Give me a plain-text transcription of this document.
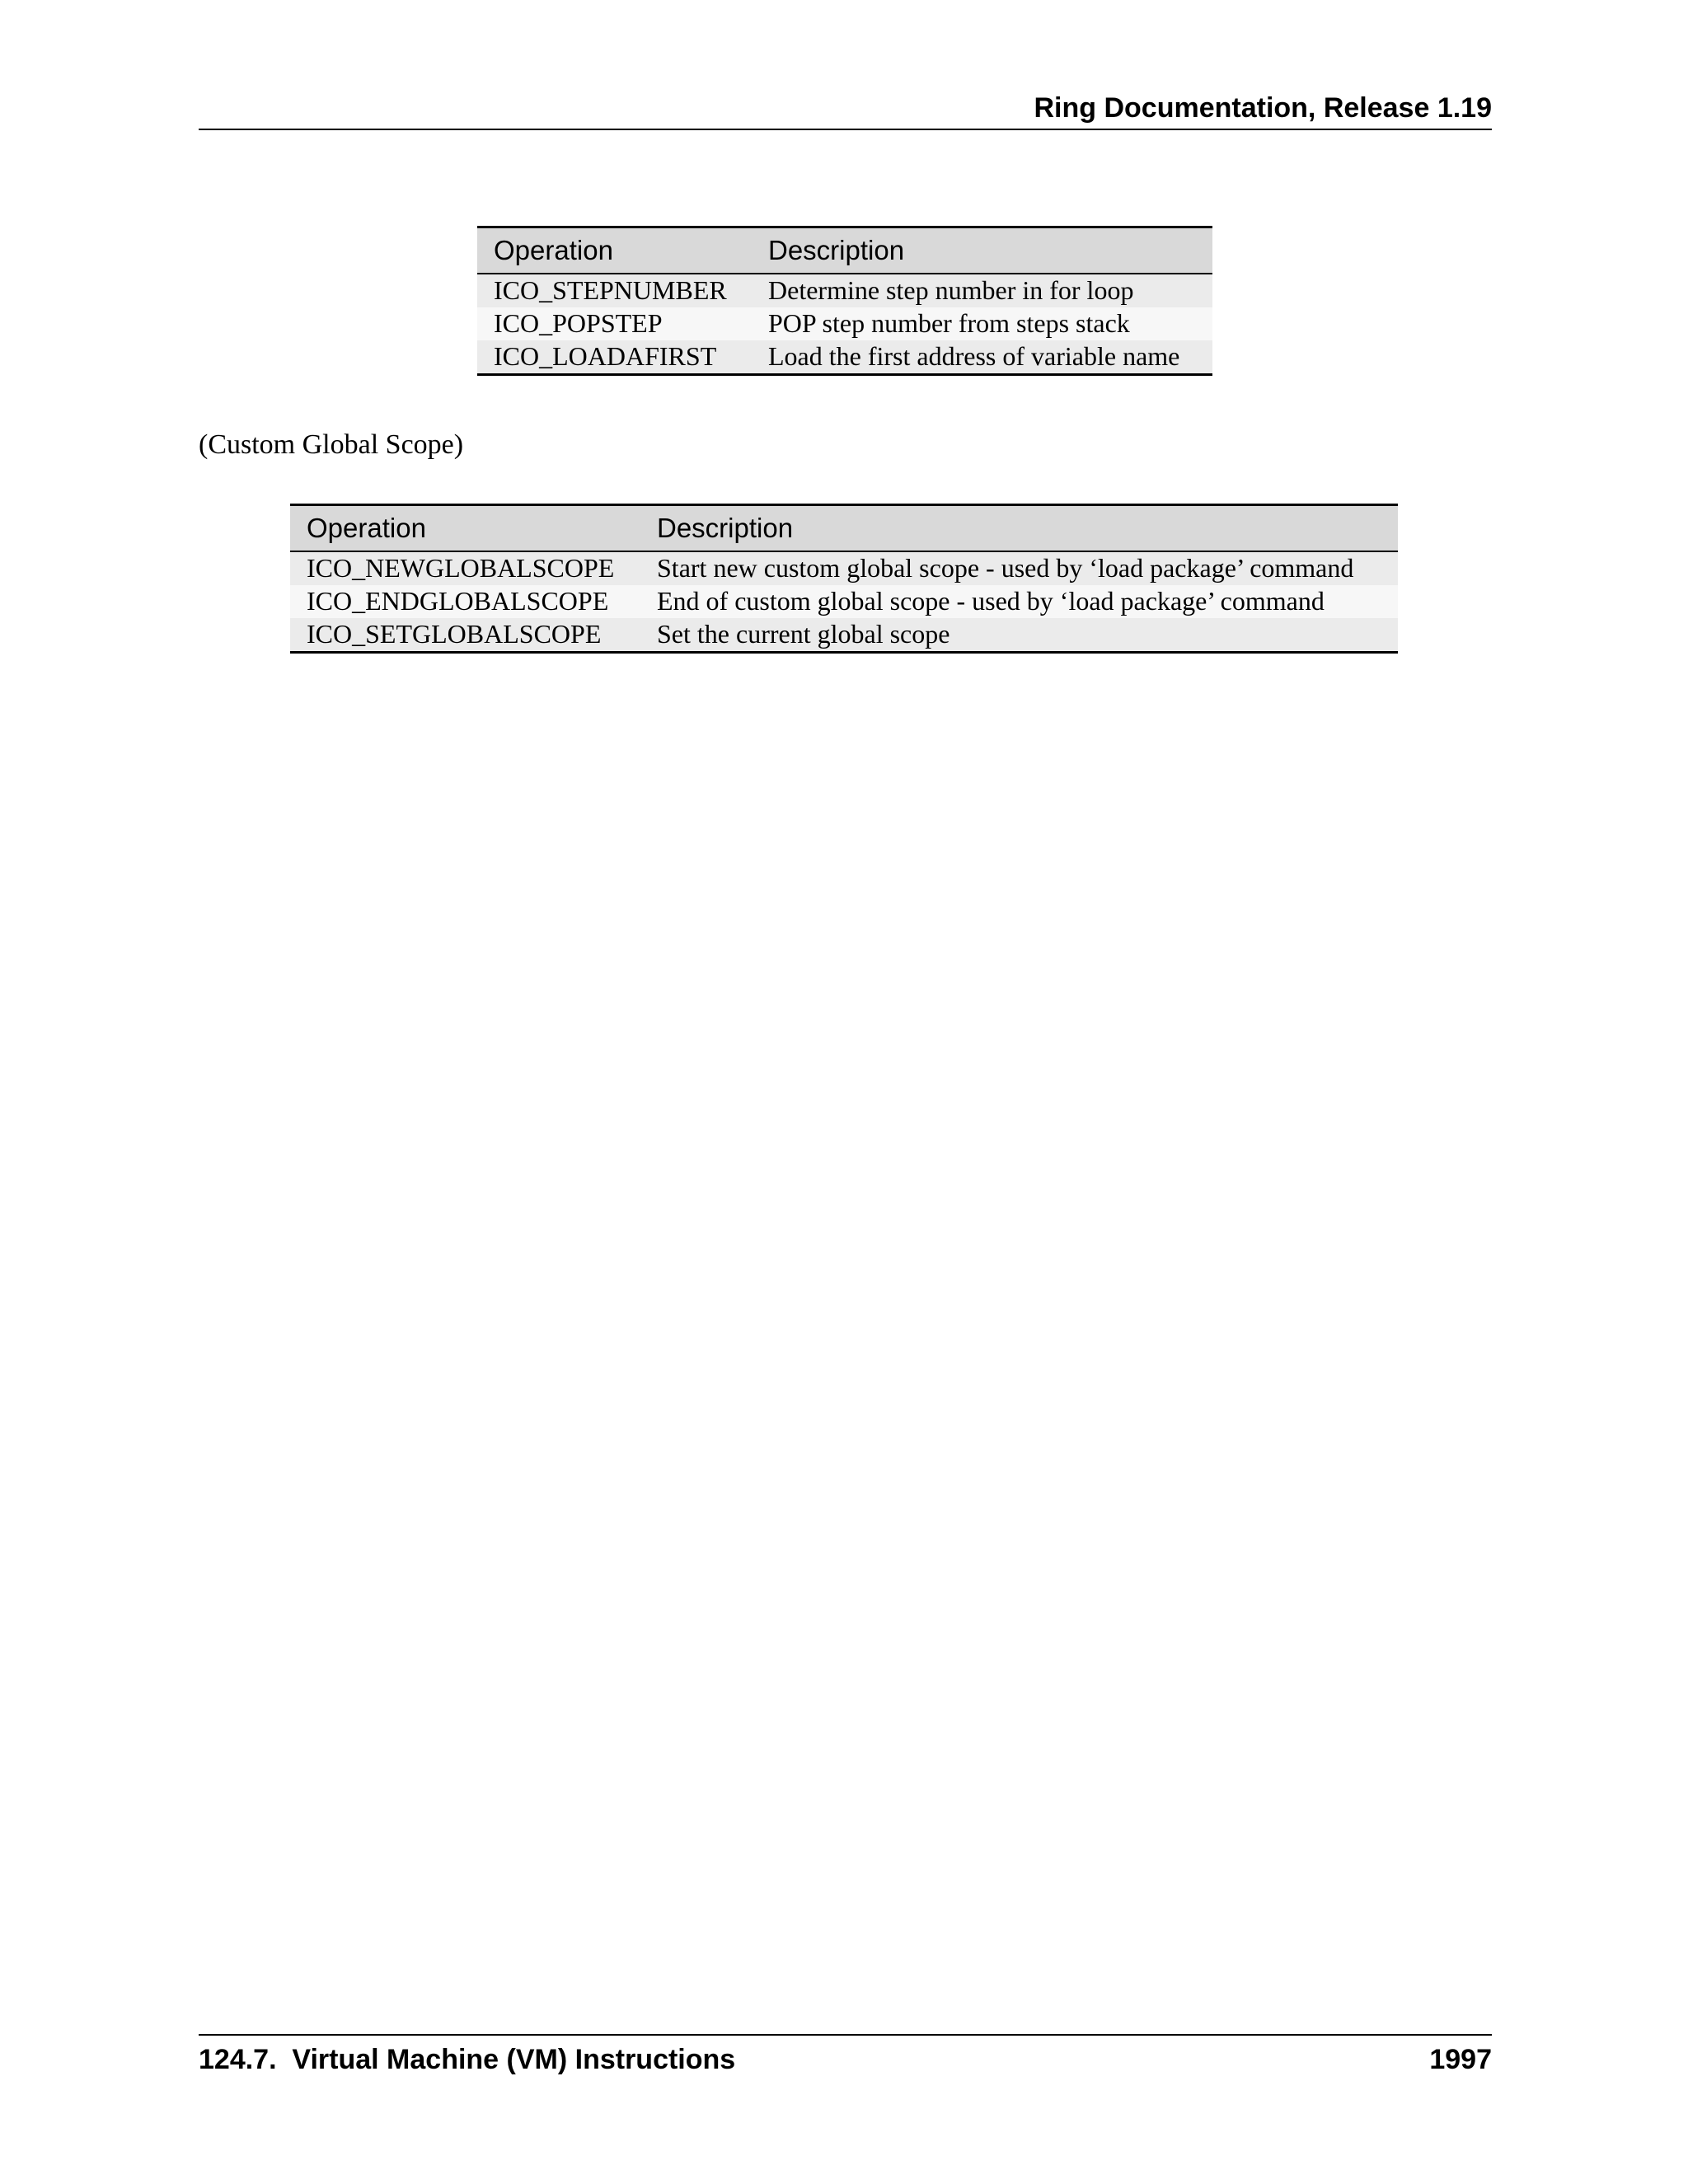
Ring Documentation, Release 1.19
Operation	Description
ICO_STEPNUMBER	Determine step number in for loop
ICO_POPSTEP	POP step number from steps stack
ICO_LOADAFIRST	Load the first address of variable name
(Custom Global Scope)
Operation	Description
ICO_NEWGLOBALSCOPE	Start new custom global scope - used by ‘load package’ command
ICO_ENDGLOBALSCOPE	End of custom global scope - used by ‘load package’ command
ICO_SETGLOBALSCOPE	Set the current global scope
124.7.  Virtual Machine (VM) Instructions	1997
